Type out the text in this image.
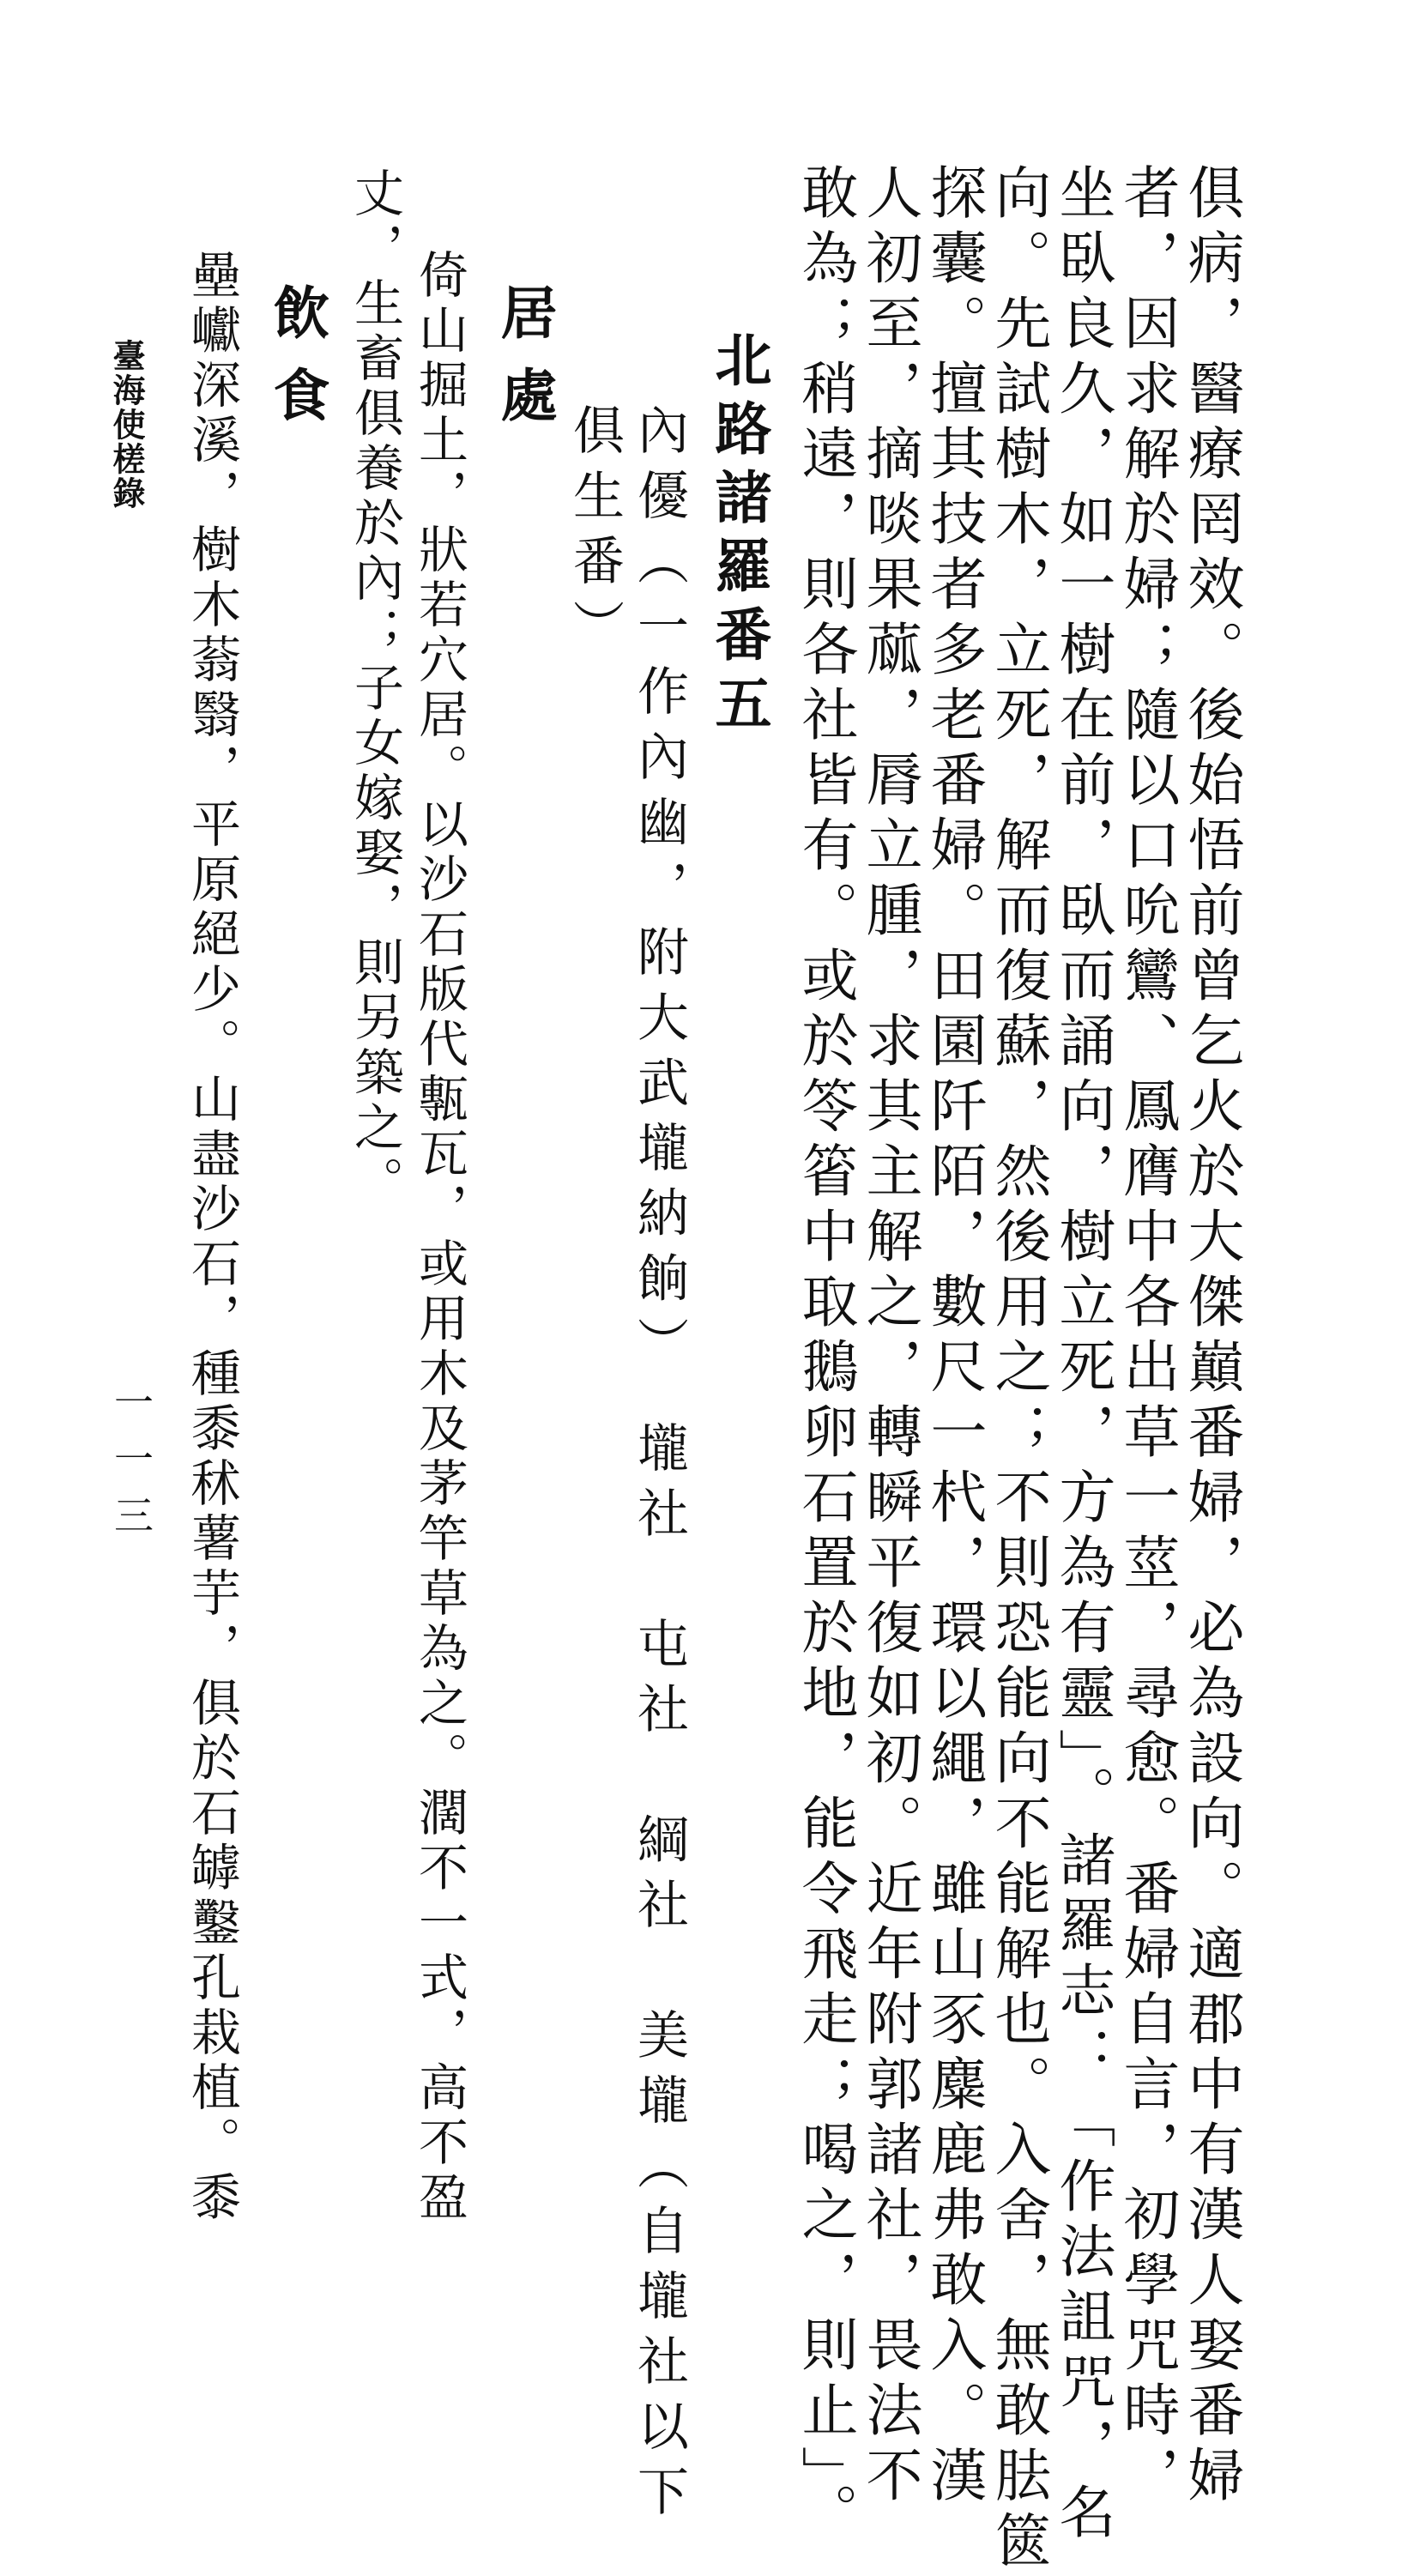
俱病，醫療罔效。後始悟前曾乞火於大傑巔番婦，必為設向。適郡中有漢人娶番婦
者，因求解於婦；隨以口吮鸞、鳳膺中各出草一莖，尋愈。番婦自言，初學咒時，
坐臥良久，如一樹在前，臥而誦向，樹立死，方為有靈」。諸羅志：「作法詛咒，名
向。先試樹木，立死，解而復蘇，然後用之；不則恐能向不能解也。入舍，無敢胠篋
探囊。擅其技者多老番婦。田園阡陌，數尺一杙，環以繩，雖山豕麋鹿弗敢入。漢
人初至，摘啖果蓏，脣立腫，求其主解之，轉瞬平復如初。近年附郭諸社，畏法不
敢為；稍遠，則各社皆有。或於笭箵中取鵝卵石置於地，能令飛走；喝之，則止」。
北路諸羅番五
內優（一作內幽，附大武壠納餉）　壠社　屯社　綱社　美壠（自壠社以下
俱生番）
居處
倚山掘土，狀若穴居。以沙石版代甎瓦，或用木及茅竿草為之。濶不一式，高不盈
丈，生畜俱養於內；子女嫁娶，則另築之。
飲食
壘巘深溪，樹木蓊翳，平原絕少。山盡沙石，種黍秫薯芋，俱於石罅鑿孔栽植。黍
臺海使槎錄
一一三
